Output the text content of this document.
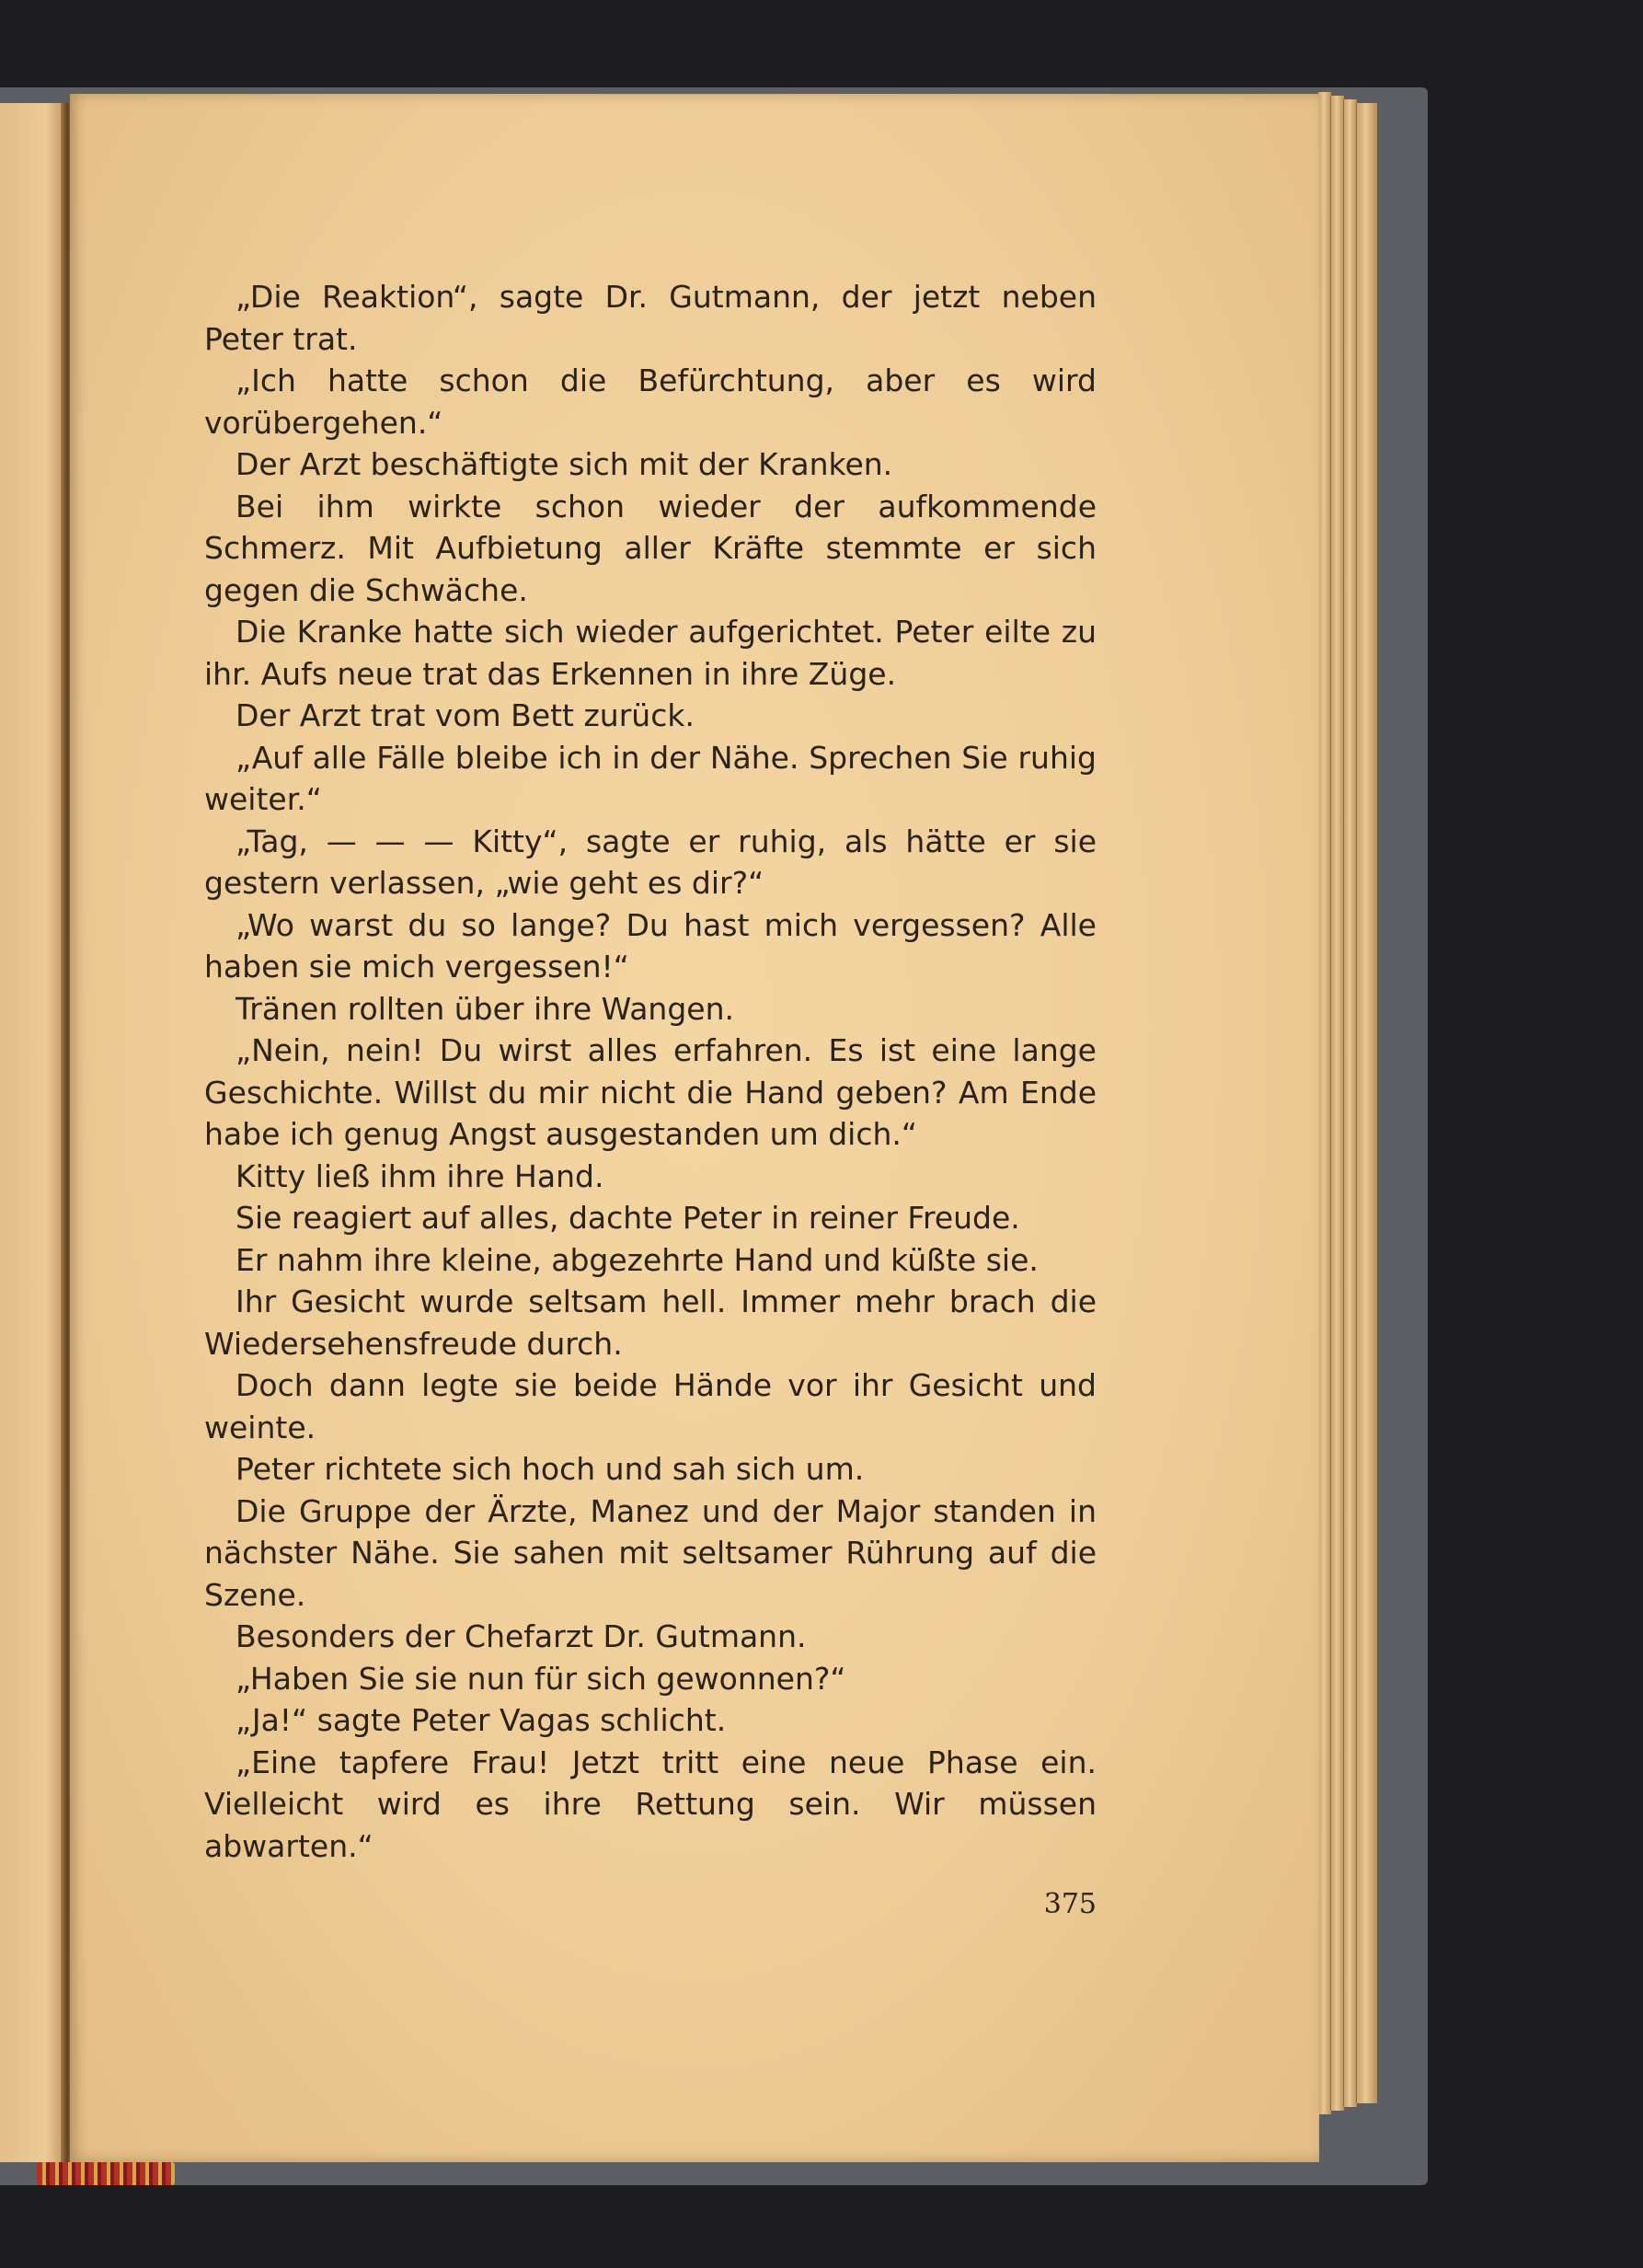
„Die Reaktion“, sagte Dr. Gutmann, der jetzt neben Peter trat.

„Ich hatte schon die Befürchtung, aber es wird vorübergehen.“

Der Arzt beschäftigte sich mit der Kranken.

Bei ihm wirkte schon wieder der aufkommende Schmerz. Mit Aufbietung aller Kräfte stemmte er sich gegen die Schwäche.

Die Kranke hatte sich wieder aufgerichtet. Peter eilte zu ihr. Aufs neue trat das Erkennen in ihre Züge.

Der Arzt trat vom Bett zurück.

„Auf alle Fälle bleibe ich in der Nähe. Sprechen Sie ruhig weiter.“

„Tag, — — — Kitty“, sagte er ruhig, als hätte er sie gestern verlassen, „wie geht es dir?“

„Wo warst du so lange? Du hast mich vergessen? Alle haben sie mich vergessen!“

Tränen rollten über ihre Wangen.

„Nein, nein! Du wirst alles erfahren. Es ist eine lange Geschichte. Willst du mir nicht die Hand geben? Am Ende habe ich genug Angst ausgestanden um dich.“

Kitty ließ ihm ihre Hand.

Sie reagiert auf alles, dachte Peter in reiner Freude.

Er nahm ihre kleine, abgezehrte Hand und küßte sie.

Ihr Gesicht wurde seltsam hell. Immer mehr brach die Wiedersehensfreude durch.

Doch dann legte sie beide Hände vor ihr Gesicht und weinte.

Peter richtete sich hoch und sah sich um.

Die Gruppe der Ärzte, Manez und der Major standen in nächster Nähe. Sie sahen mit seltsamer Rührung auf die Szene.

Besonders der Chefarzt Dr. Gutmann.

„Haben Sie sie nun für sich gewonnen?“

„Ja!“ sagte Peter Vagas schlicht.

„Eine tapfere Frau! Jetzt tritt eine neue Phase ein. Vielleicht wird es ihre Rettung sein. Wir müssen abwarten.“

375
